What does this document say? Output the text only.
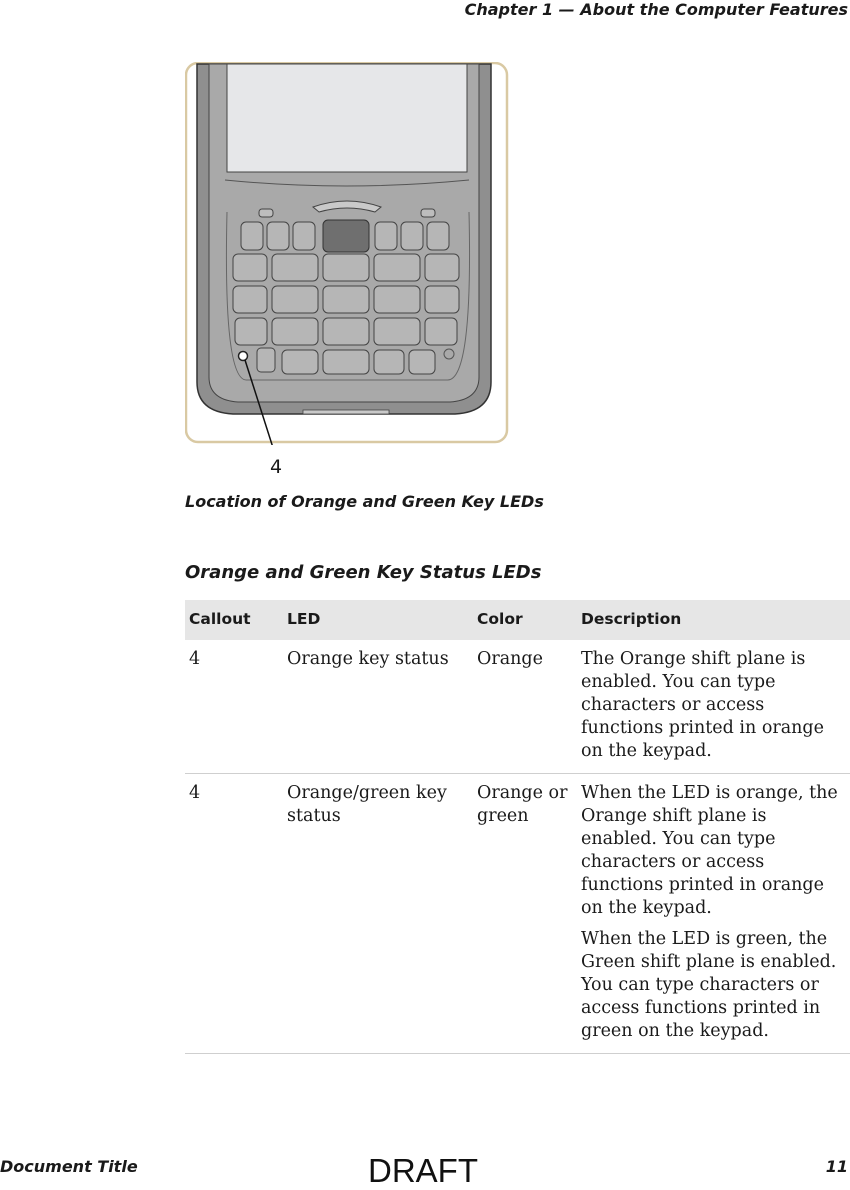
Chapter 1 — About the Computer Features
4
Location of Orange and Green Key LEDs
Orange and Green Key Status LEDs
Callout	LED	Color	Description
4	Orange key status	Orange	The Orange shift plane is enabled. You can type characters or access functions printed in orange on the keypad.

4	Orange/green key status	Orange or green	When the LED is orange, the Orange shift plane is enabled. You can type characters or access functions printed in orange on the keypad.

When the LED is green, the Green shift plane is enabled. You can type characters or access functions printed in green on the keypad.

Document Title	DRAFT	11
